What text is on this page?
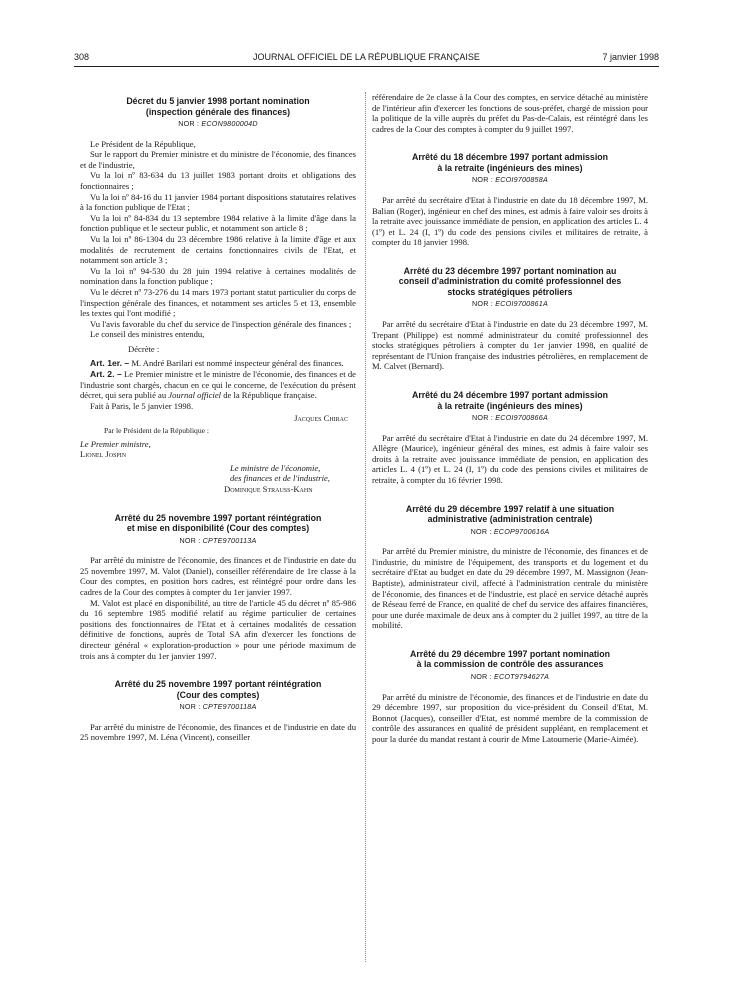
308	JOURNAL OFFICIEL DE LA RÉPUBLIQUE FRANÇAISE	7 janvier 1998
Décret du 5 janvier 1998 portant nomination
(inspection générale des finances)
NOR : ECON9800004D

Le Président de la République,

Sur le rapport du Premier ministre et du ministre de l'économie, des finances et de l'industrie,

Vu la loi nº 83-634 du 13 juillet 1983 portant droits et obligations des fonctionnaires ;

Vu la loi nº 84-16 du 11 janvier 1984 portant dispositions statutaires relatives à la fonction publique de l'Etat ;

Vu la loi nº 84-834 du 13 septembre 1984 relative à la limite d'âge dans la fonction publique et le secteur public, et notamment son article 8 ;

Vu la loi nº 86-1304 du 23 décembre 1986 relative à la limite d'âge et aux modalités de recrutement de certains fonctionnaires civils de l'Etat, et notamment son article 3 ;

Vu la loi nº 94-530 du 28 juin 1994 relative à certaines modalités de nomination dans la fonction publique ;

Vu le décret nº 73-276 du 14 mars 1973 portant statut particulier du corps de l'inspection générale des finances, et notamment ses articles 5 et 13, ensemble les textes qui l'ont modifié ;

Vu l'avis favorable du chef du service de l'inspection générale des finances ;

Le conseil des ministres entendu,

Décrète :

Art. 1er. – M. André Barilari est nommé inspecteur général des finances.

Art. 2. – Le Premier ministre et le ministre de l'économie, des finances et de l'industrie sont chargés, chacun en ce qui le concerne, de l'exécution du présent décret, qui sera publié au Journal officiel de la République française.

Fait à Paris, le 5 janvier 1998.

Jacques Chirac
Par le Président de la République :
Le Premier ministre,
Lionel Jospin
Le ministre de l'économie,
des finances et de l'industrie,
Dominique Strauss-Kahn
Arrêté du 25 novembre 1997 portant réintégration
et mise en disponibilité (Cour des comptes)
NOR : CPTE9700113A

Par arrêté du ministre de l'économie, des finances et de l'industrie en date du 25 novembre 1997, M. Valot (Daniel), conseiller référendaire de 1re classe à la Cour des comptes, en position hors cadres, est réintégré pour ordre dans les cadres de la Cour des comptes à compter du 1er janvier 1997.

M. Valot est placé en disponibilité, au titre de l'article 45 du décret nº 85-986 du 16 septembre 1985 modifié relatif au régime particulier de certaines positions des fonctionnaires de l'Etat et à certaines modalités de cessation définitive de fonctions, auprès de Total SA afin d'exercer les fonctions de directeur général « exploration-production » pour une période maximum de trois ans à compter du 1er janvier 1997.

Arrêté du 25 novembre 1997 portant réintégration
(Cour des comptes)
NOR : CPTE9700118A

Par arrêté du ministre de l'économie, des finances et de l'industrie en date du 25 novembre 1997, M. Léna (Vincent), conseiller

référendaire de 2e classe à la Cour des comptes, en service détaché au ministère de l'intérieur afin d'exercer les fonctions de sous-préfet, chargé de mission pour la politique de la ville auprès du préfet du Pas-de-Calais, est réintégré dans les cadres de la Cour des comptes à compter du 9 juillet 1997.

Arrêté du 18 décembre 1997 portant admission
à la retraite (ingénieurs des mines)
NOR : ECOI9700858A

Par arrêté du secrétaire d'Etat à l'industrie en date du 18 décembre 1997, M. Balian (Roger), ingénieur en chef des mines, est admis à faire valoir ses droits à la retraite avec jouissance immédiate de pension, en application des articles L. 4 (1º) et L. 24 (I, 1º) du code des pensions civiles et militaires de retraite, à compter du 18 janvier 1998.

Arrêté du 23 décembre 1997 portant nomination au
conseil d'administration du comité professionnel des
stocks stratégiques pétroliers
NOR : ECOI9700861A

Par arrêté du secrétaire d'Etat à l'industrie en date du 23 décembre 1997, M. Trepant (Philippe) est nommé administrateur du comité professionnel des stocks stratégiques pétroliers à compter du 1er janvier 1998, en qualité de représentant de l'Union française des industries pétrolières, en remplacement de M. Calvet (Bernard).

Arrêté du 24 décembre 1997 portant admission
à la retraite (ingénieurs des mines)
NOR : ECOI9700866A

Par arrêté du secrétaire d'Etat à l'industrie en date du 24 décembre 1997, M. Allègre (Maurice), ingénieur général des mines, est admis à faire valoir ses droits à la retraite avec jouissance immédiate de pension, en application des articles L. 4 (1º) et L. 24 (I, 1º) du code des pensions civiles et militaires de retraite, à compter du 16 février 1998.

Arrêté du 29 décembre 1997 relatif à une situation
administrative (administration centrale)
NOR : ECOP9700616A

Par arrêté du Premier ministre, du ministre de l'économie, des finances et de l'industrie, du ministre de l'équipement, des transports et du logement et du secrétaire d'Etat au budget en date du 29 décembre 1997, M. Massignon (Jean-Baptiste), administrateur civil, affecté à l'administration centrale du ministère de l'économie, des finances et de l'industrie, est placé en service détaché auprès de Réseau ferré de France, en qualité de chef du service des affaires financières, pour une durée maximale de deux ans à compter du 2 juillet 1997, au titre de la mobilité.

Arrêté du 29 décembre 1997 portant nomination
à la commission de contrôle des assurances
NOR : ECOT9794627A

Par arrêté du ministre de l'économie, des finances et de l'industrie en date du 29 décembre 1997, sur proposition du vice-président du Conseil d'Etat, M. Bonnot (Jacques), conseiller d'Etat, est nommé membre de la commission de contrôle des assurances en qualité de président suppléant, en remplacement et pour la durée du mandat restant à courir de Mme Latournerie (Marie-Aimée).
